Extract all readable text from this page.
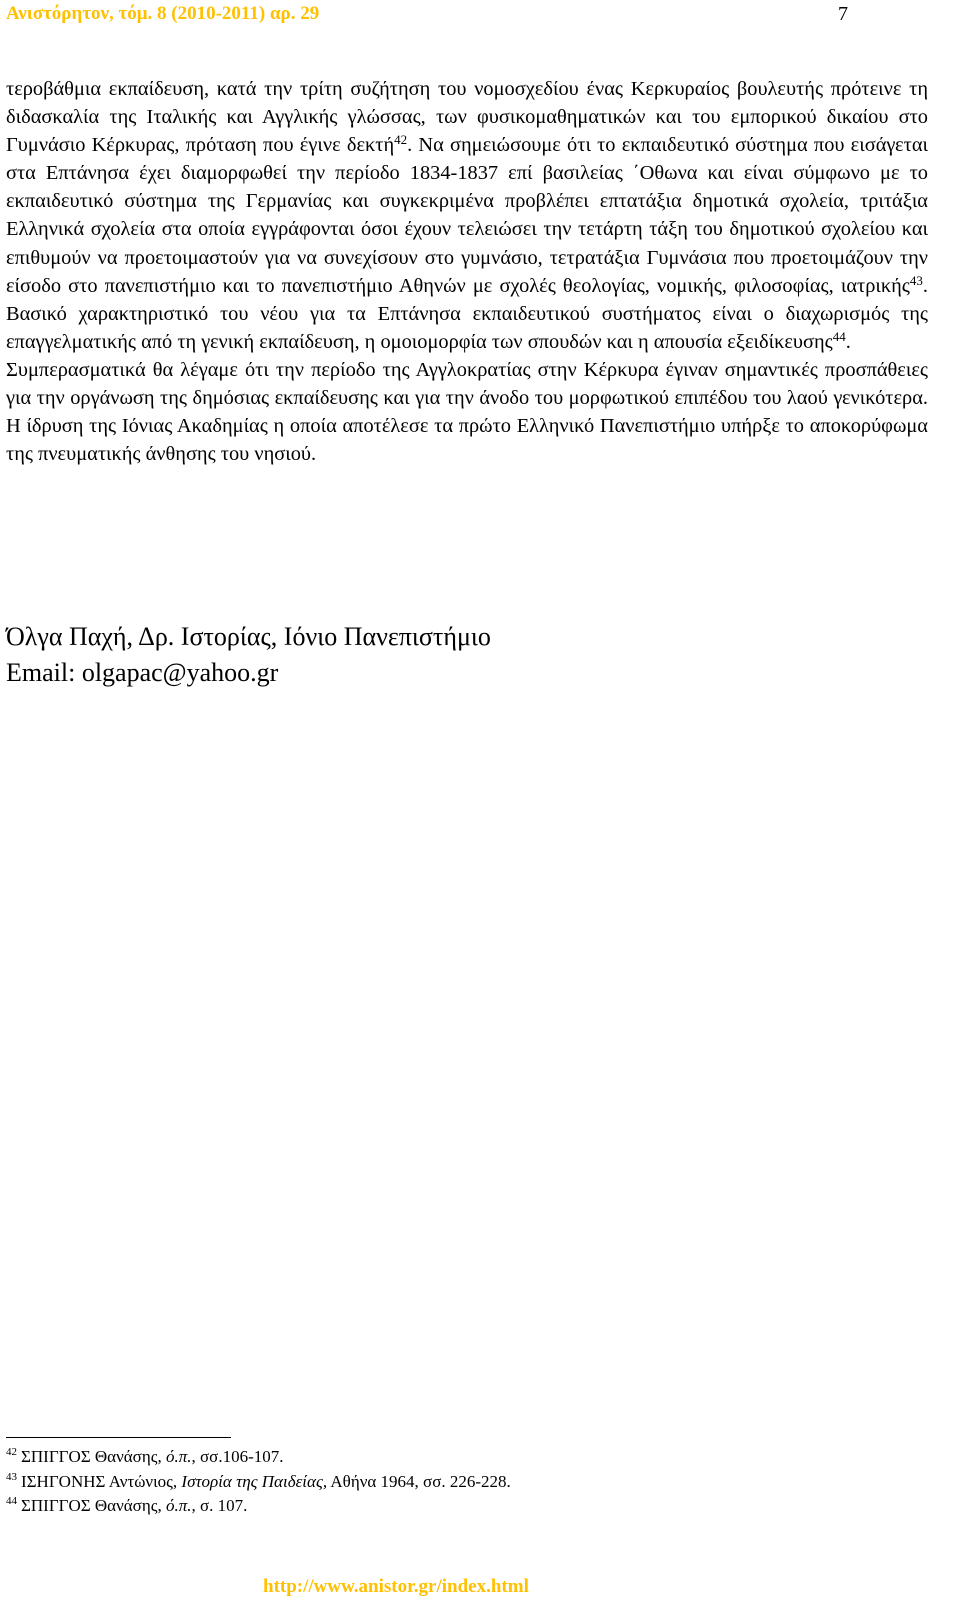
Ανιστόρητον, τόμ. 8 (2010-2011) αρ. 29	7

τεροβάθμια εκπαίδευση, κατά την τρίτη συζήτηση του νομοσχεδίου ένας Κερκυραίος βουλευτής πρότεινε τη διδασκαλία της Ιταλικής και Αγγλικής γλώσσας, των φυσικομαθηματικών και του εμπορικού δικαίου στο Γυμνάσιο Κέρκυρας, πρόταση που έγινε δεκτή$^{42}$. Να σημειώσουμε ότι το εκπαιδευτικό σύστημα που εισάγεται στα Επτάνησα έχει διαμορφωθεί την περίοδο 1834-1837 επί βασιλείας ΄Οθωνα και είναι σύμφωνο με το εκπαιδευτικό σύστημα της Γερμανίας και συγκεκριμένα προβλέπει επτατάξια δημοτικά σχολεία, τριτάξια Ελληνικά σχολεία στα οποία εγγράφονται όσοι έχουν τελειώσει την τετάρτη τάξη του δημοτικού σχολείου και επιθυμούν να προετοιμαστούν για να συνεχίσουν στο γυμνάσιο, τετρατάξια Γυμνάσια που προετοιμάζουν την είσοδο στο πανεπιστήμιο και το πανεπιστήμιο Αθηνών με σχολές θεολογίας, νομικής, φιλοσοφίας, ιατρικής$^{43}$. Βασικό χαρακτηριστικό του νέου για τα Επτάνησα εκπαιδευτικού συστήματος είναι ο διαχωρισμός της επαγγελματικής από τη γενική εκπαίδευση, η ομοιομορφία των σπουδών και η απουσία εξειδίκευσης$^{44}$.

Συμπερασματικά θα λέγαμε ότι την περίοδο της Αγγλοκρατίας στην Κέρκυρα έγιναν σημαντικές προσπάθειες για την οργάνωση της δημόσιας εκπαίδευσης και για την άνοδο του μορφωτικού επιπέδου του λαού γενικότερα. Η ίδρυση της Ιόνιας Ακαδημίας η οποία αποτέλεσε τα πρώτο Ελληνικό Πανεπιστήμιο υπήρξε το αποκορύφωμα της πνευματικής άνθησης του νησιού.

Όλγα Παχή, Δρ. Ιστορίας, Ιόνιο Πανεπιστήμιο
Email: olgapac@yahoo.gr
$^{42}$ ΣΠΙΓΓΟΣ Θανάσης, ό.π., σσ.106-107.
$^{43}$ ΙΣΗΓΟΝΗΣ Αντώνιος, Ιστορία της Παιδείας, Αθήνα 1964, σσ. 226-228.
$^{44}$ ΣΠΙΓΓΟΣ Θανάσης, ό.π., σ. 107.
http://www.anistor.gr/index.html
